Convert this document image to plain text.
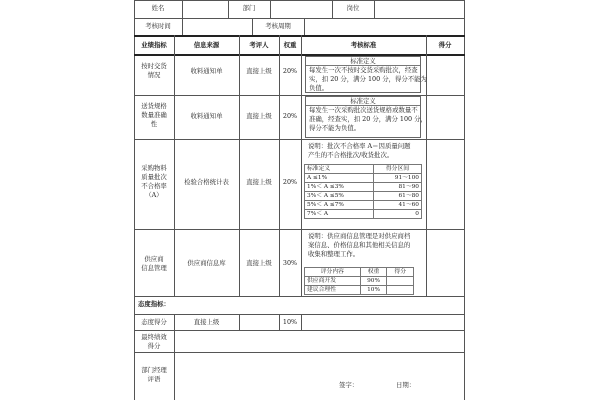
姓名	部门	岗位
考核时间	考核周期
业绩指标	信息来源	考评人	权重	考核标准	得分
按时交货
情况	收料通知单	直接上级	20%
标准定义
每发生一次不按时交货采购批次，经查
实，扣 20 分，满分 100 分，得分不能为
负值。
送货规格
数量准确
性
收料通知单	直接上级	20%
标准定义
每发生一次采购批次送货规格或数量不
准确，经查实，扣 20 分，满分 100 分，
得分不能为负值。
采购物料
质量批次
不合格率
（A）
检验合格统计表	直接上级	20%
说明：批次不合格率 A＝因质量问题
产生的不合格批次/收货批次。
标准定义	得分区间
A ≤1%	91～100
1%＜ A ≤3%	81～90
3%＜ A ≤5%	61～80
5%＜ A ≤7%	41～60
7%＜ A	0
供应商
信息管理
供应商信息库	直接上级	30%
说明：供应商信息管理是对供应商档
案信息、价格信息和其他相关信息的
收集和整理工作。
评分内容	权重	得分
供应商开发	90%	
建议合理性	10%	
态度指标：
态度得分	直接上级	10%
最终绩效
得分
部门经理
评语
签字：	日期：
